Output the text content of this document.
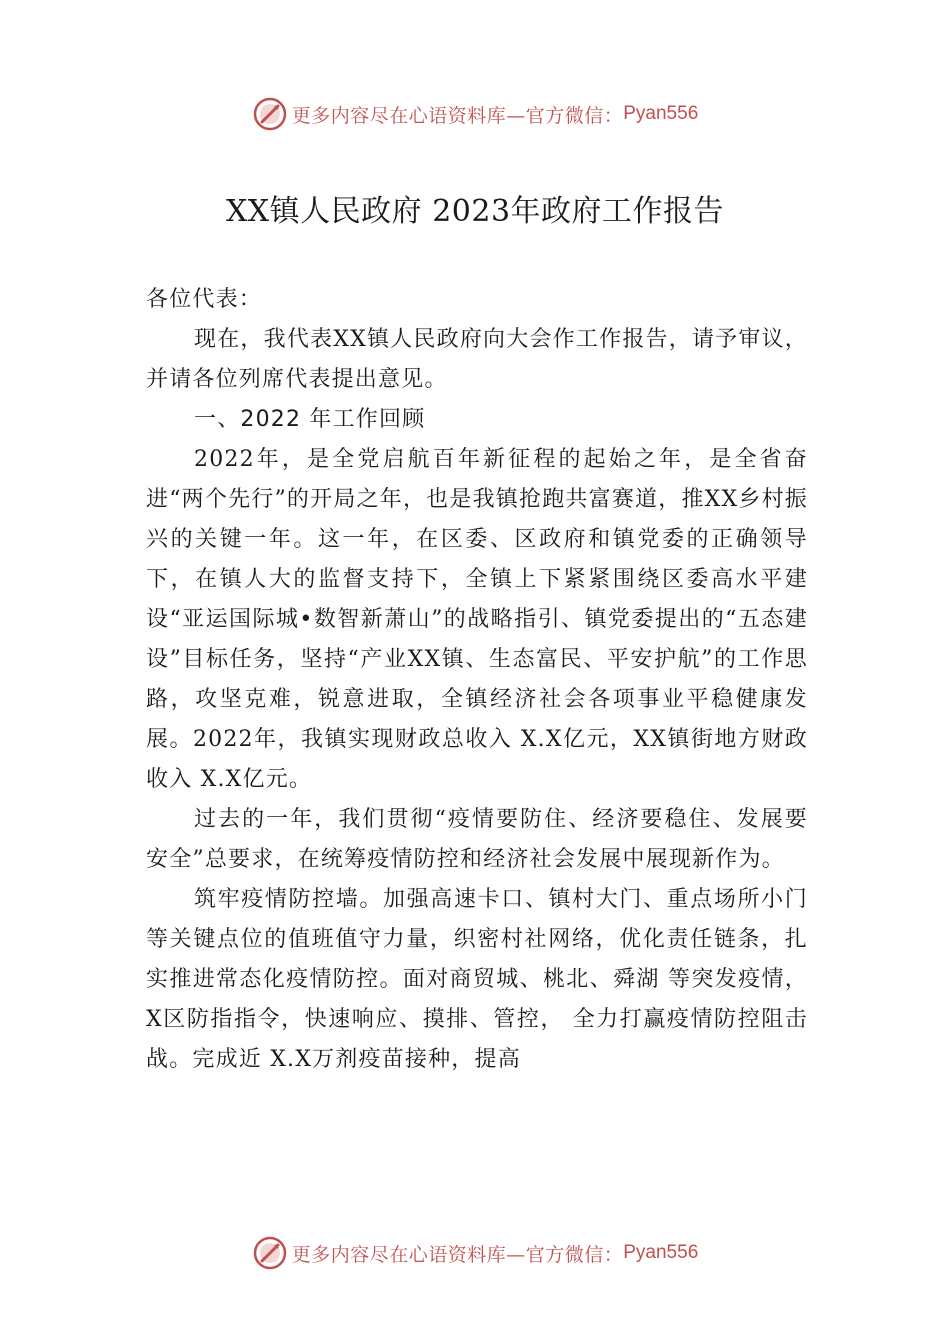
更多内容尽在心语资料库—官方微信： Pyan556
XX镇人民政府 2023年政府工作报告

各位代表：

现在，我代表XX镇人民政府向大会作工作报告，请予审议，并请各位列席代表提出意见。

一、2022 年工作回顾

2022年，是全党启航百年新征程的起始之年，是全省奋进“两个先行”的开局之年，也是我镇抢跑共富赛道，推XX乡村振兴的关键一年。这一年，在区委、区政府和镇党委的正确领导下，在镇人大的监督支持下，全镇上下紧紧围绕区委高水平建设“亚运国际城•数智新萧山”的战略指引、镇党委提出的“五态建设”目标任务，坚持“产业XX镇、生态富民、平安护航”的工作思路，攻坚克难，锐意进取，全镇经济社会各项事业平稳健康发展。2022年，我镇实现财政总收入 X.X亿元，XX镇街地方财政收入 X.X亿元。

过去的一年，我们贯彻“疫情要防住、经济要稳住、发展要安全”总要求，在统筹疫情防控和经济社会发展中展现新作为。

筑牢疫情防控墙。加强高速卡口、镇村大门、重点场所小门等关键点位的值班值守力量，织密村社网络，优化责任链条，扎实推进常态化疫情防控。面对商贸城、桃北、舜湖 等突发疫情，X区防指指令，快速响应、摸排、管控， 全力打赢疫情防控阻击战。完成近 X.X万剂疫苗接种，提高

更多内容尽在心语资料库—官方微信： Pyan556
